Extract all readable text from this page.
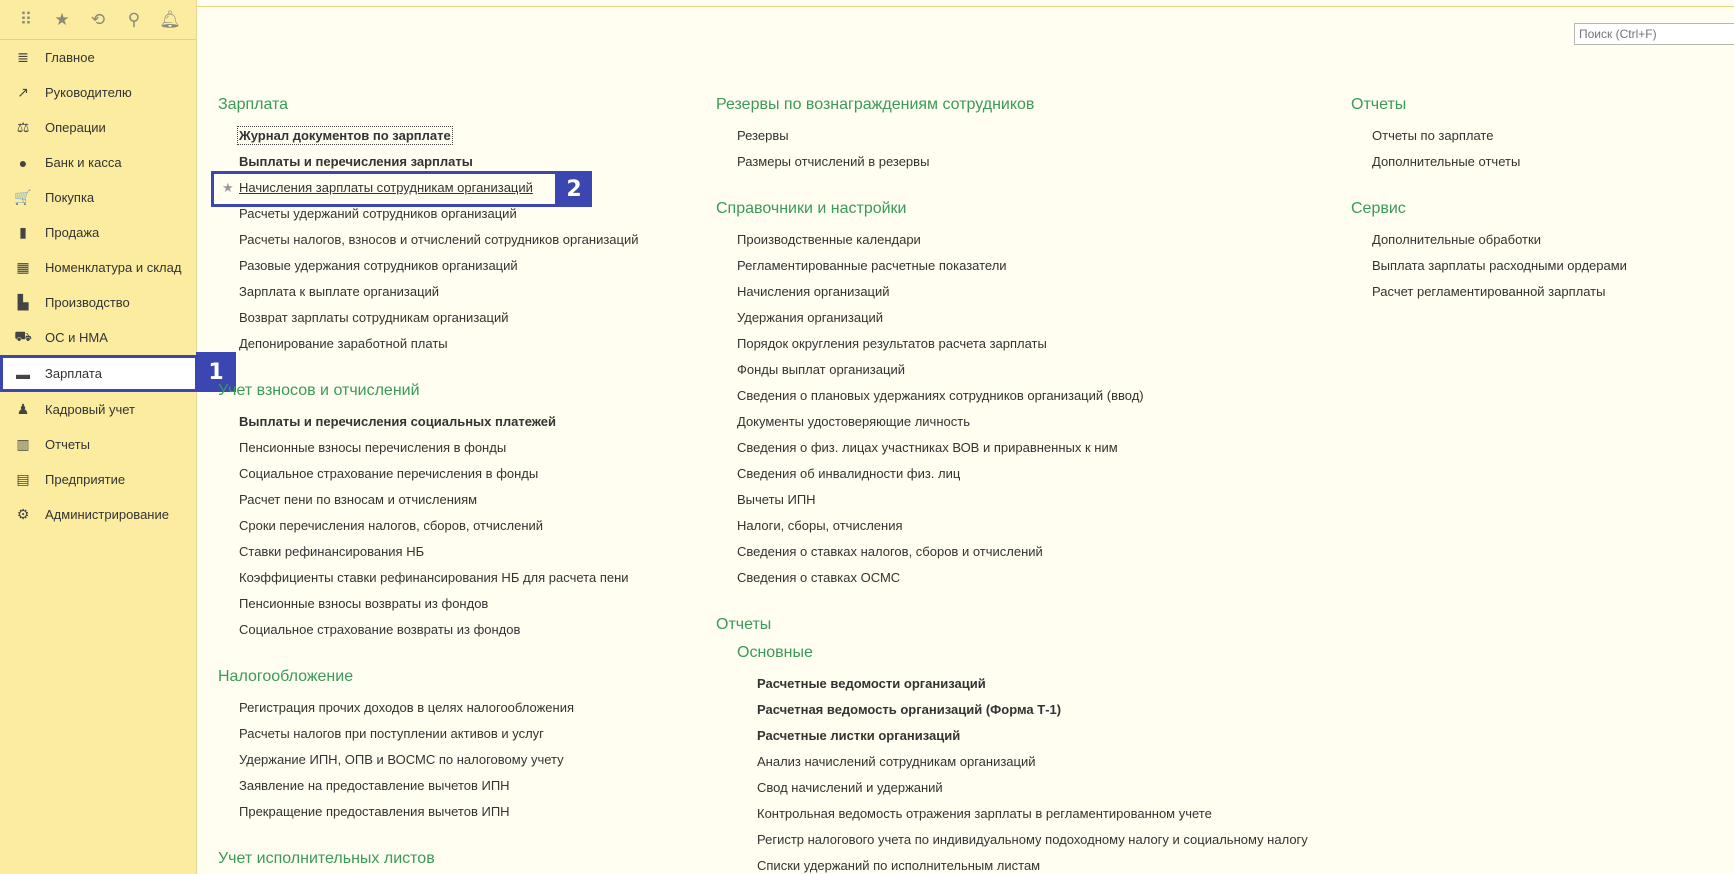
⠿	★	⟲	⚲	🔔︎
≣ Главное
↗ Руководителю
⚖ Операции
●	Банк и касса
🛒 Покупка
▮	Продажа
▦ Номенклатура и склад
▙ Производство
⛟ ОС и НМА
▬ Зарплата
♟ Кадровый учет
▥ Отчеты
▤ Предприятие
⚙ Администрирование
1
Поиск (Ctrl+F)
Зарплата
Журнал документов по зарплате
Выплаты и перечисления зарплаты
★ Начисления зарплаты сотрудникам организаций	2
Расчеты удержаний сотрудников организаций
Расчеты налогов, взносов и отчислений сотрудников организаций
Разовые удержания сотрудников организаций
Зарплата к выплате организаций
Возврат зарплаты сотрудникам организаций
Депонирование заработной платы
Учет взносов и отчислений
Выплаты и перечисления социальных платежей
Пенсионные взносы перечисления в фонды
Социальное страхование перечисления в фонды
Расчет пени по взносам и отчислениям
Сроки перечисления налогов, сборов, отчислений
Ставки рефинансирования НБ
Коэффициенты ставки рефинансирования НБ для расчета пени
Пенсионные взносы возвраты из фондов
Социальное страхование возвраты из фондов
Налогообложение
Регистрация прочих доходов в целях налогообложения
Расчеты налогов при поступлении активов и услуг
Удержание ИПН, ОПВ и ВОСМС по налоговому учету
Заявление на предоставление вычетов ИПН
Прекращение предоставления вычетов ИПН
Учет исполнительных листов
Резервы по вознаграждениям сотрудников
Резервы
Размеры отчислений в резервы
Справочники и настройки
Производственные календари
Регламентированные расчетные показатели
Начисления организаций
Удержания организаций
Порядок округления результатов расчета зарплаты
Фонды выплат организаций
Сведения о плановых удержаниях сотрудников организаций (ввод)
Документы удостоверяющие личность
Сведения о физ. лицах участниках ВОВ и приравненных к ним
Сведения об инвалидности физ. лиц
Вычеты ИПН
Налоги, сборы, отчисления
Сведения о ставках налогов, сборов и отчислений
Сведения о ставках ОСМС
Отчеты
Основные
Расчетные ведомости организаций
Расчетная ведомость организаций (Форма Т-1)
Расчетные листки организаций
Анализ начислений сотрудникам организаций
Свод начислений и удержаний
Контрольная ведомость отражения зарплаты в регламентированном учете
Регистр налогового учета по индивидуальному подоходному налогу и социальному налогу
Списки удержаний по исполнительным листам
Отчеты
Отчеты по зарплате
Дополнительные отчеты
Сервис
Дополнительные обработки
Выплата зарплаты расходными ордерами
Расчет регламентированной зарплаты
